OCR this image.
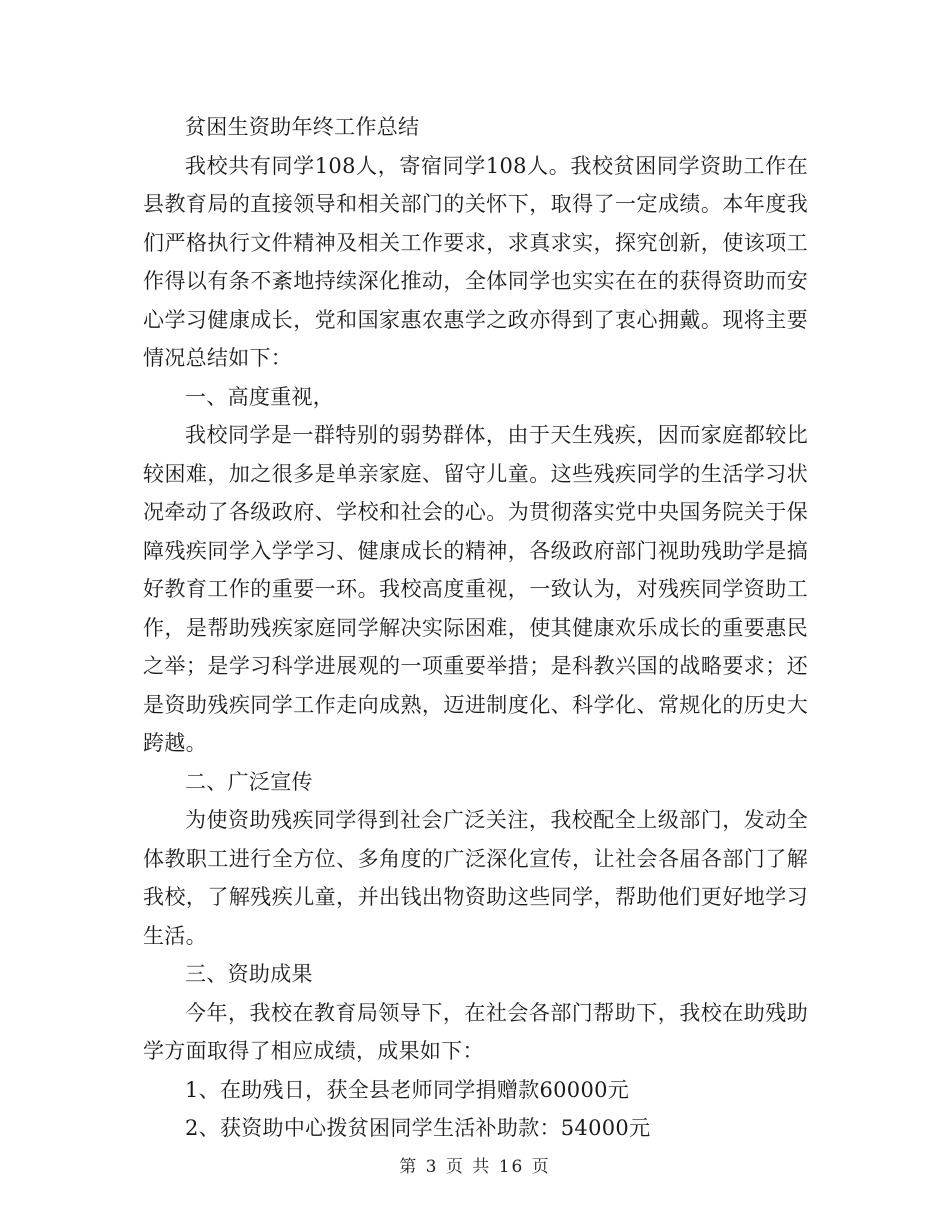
贫困生资助年终工作总结

我校共有同学108人，寄宿同学108人。我校贫困同学资助工作在县教育局的直接领导和相关部门的关怀下，取得了一定成绩。本年度我们严格执行文件精神及相关工作要求，求真求实，探究创新，使该项工作得以有条不紊地持续深化推动，全体同学也实实在在的获得资助而安心学习健康成长，党和国家惠农惠学之政亦得到了衷心拥戴。现将主要情况总结如下：

一、高度重视，

我校同学是一群特别的弱势群体，由于天生残疾，因而家庭都较比较困难，加之很多是单亲家庭、留守儿童。这些残疾同学的生活学习状况牵动了各级政府、学校和社会的心。为贯彻落实党中央国务院关于保障残疾同学入学学习、健康成长的精神，各级政府部门视助残助学是搞好教育工作的重要一环。我校高度重视，一致认为，对残疾同学资助工作，是帮助残疾家庭同学解决实际困难，使其健康欢乐成长的重要惠民之举；是学习科学进展观的一项重要举措；是科教兴国的战略要求；还是资助残疾同学工作走向成熟，迈进制度化、科学化、常规化的历史大跨越。

二、广泛宣传

为使资助残疾同学得到社会广泛关注，我校配全上级部门，发动全体教职工进行全方位、多角度的广泛深化宣传，让社会各届各部门了解我校，了解残疾儿童，并出钱出物资助这些同学，帮助他们更好地学习生活。

三、资助成果

今年，我校在教育局领导下，在社会各部门帮助下，我校在助残助学方面取得了相应成绩，成果如下：

1、在助残日，获全县老师同学捐赠款60000元

2、获资助中心拨贫困同学生活补助款：54000元

第 3 页 共 16 页
